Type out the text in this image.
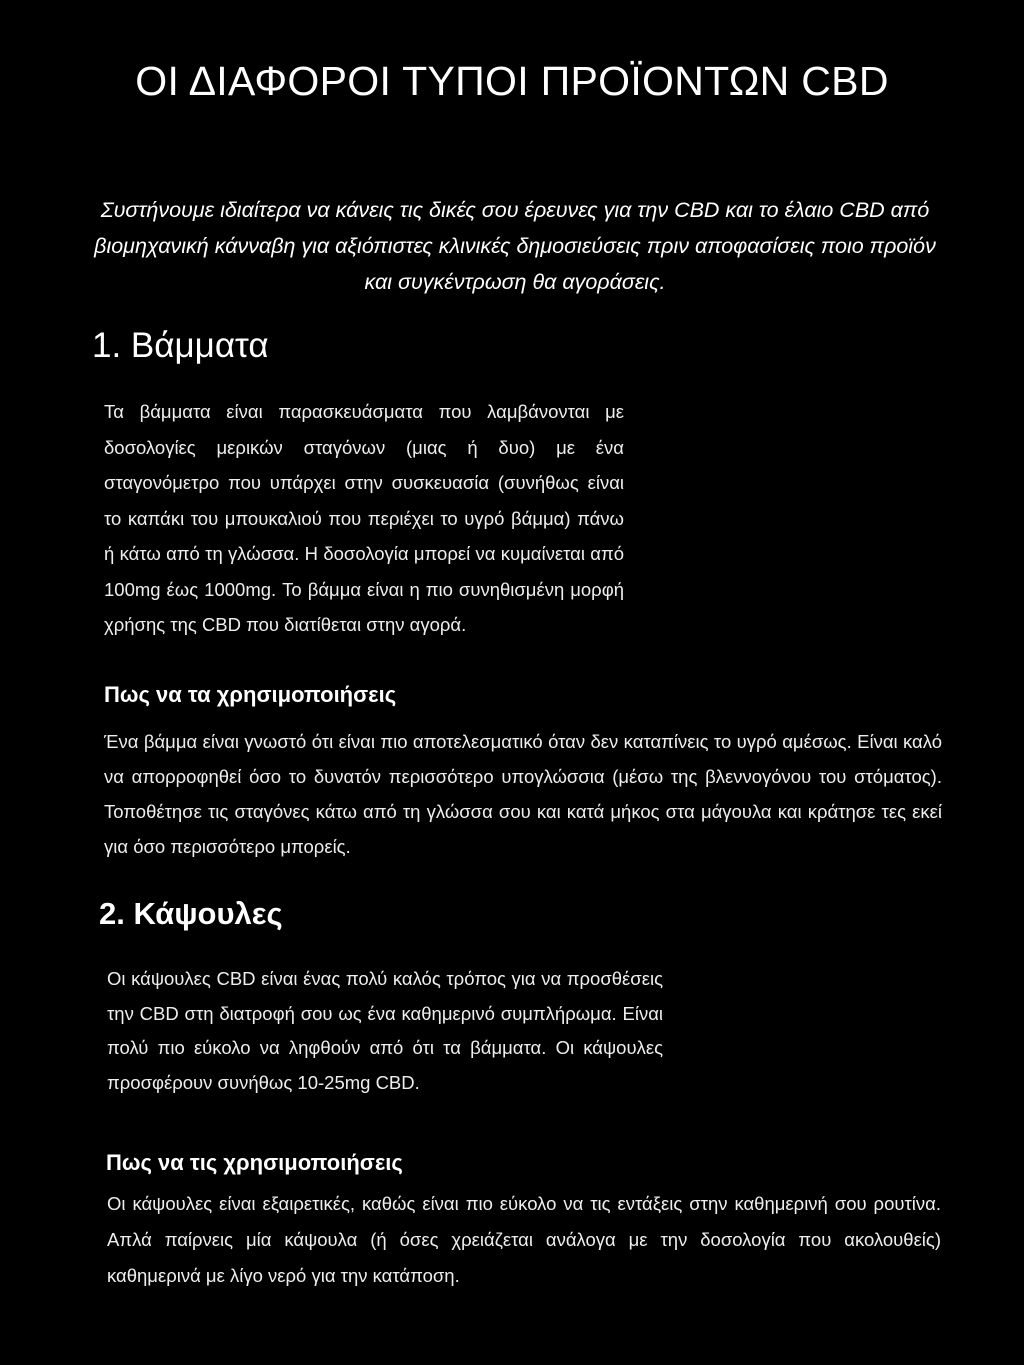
ΟΙ ΔΙΑΦΟΡΟΙ ΤΥΠΟΙ ΠΡΟΪΟΝΤΩΝ CBD

Συστήνουμε ιδιαίτερα να κάνεις τις δικές σου έρευνες για την CBD και το έλαιο CBD από βιομηχανική κάνναβη για αξιόπιστες κλινικές δημοσιεύσεις πριν αποφασίσεις ποιο προϊόν και συγκέντρωση θα αγοράσεις.

1. Βάμματα

Τα βάμματα είναι παρασκευάσματα που λαμβάνονται με δοσολογίες μερικών σταγόνων (μιας ή δυο) με ένα σταγονόμετρο που υπάρχει στην συσκευασία (συνήθως είναι το καπάκι του μπουκαλιού που περιέχει το υγρό βάμμα) πάνω ή κάτω από τη γλώσσα. Η δοσολογία μπορεί να κυμαίνεται από 100mg έως 1000mg. Το βάμμα είναι η πιο συνηθισμένη μορφή χρήσης της CBD που διατίθεται στην αγορά.

Πως να τα χρησιμοποιήσεις

Ένα βάμμα είναι γνωστό ότι είναι πιο αποτελεσματικό όταν δεν καταπίνεις το υγρό αμέσως. Είναι καλό να απορροφηθεί όσο το δυνατόν περισσότερο υπογλώσσια (μέσω της βλεννογόνου του στόματος). Τοποθέτησε τις σταγόνες κάτω από τη γλώσσα σου και κατά μήκος στα μάγουλα και κράτησε τες εκεί για όσο περισσότερο μπορείς.

2. Κάψουλες

Οι κάψουλες CBD είναι ένας πολύ καλός τρόπος για να προσθέσεις την CBD στη διατροφή σου ως ένα καθημερινό συμπλήρωμα. Είναι πολύ πιο εύκολο να ληφθούν από ότι τα βάμματα. Οι κάψουλες προσφέρουν συνήθως 10-25mg CBD.

Πως να τις χρησιμοποιήσεις

Οι κάψουλες είναι εξαιρετικές, καθώς είναι πιο εύκολο να τις εντάξεις στην καθημερινή σου ρουτίνα. Απλά παίρνεις μία κάψουλα (ή όσες χρειάζεται ανάλογα με την δοσολογία που ακολουθείς) καθημερινά με λίγο νερό για την κατάποση.
